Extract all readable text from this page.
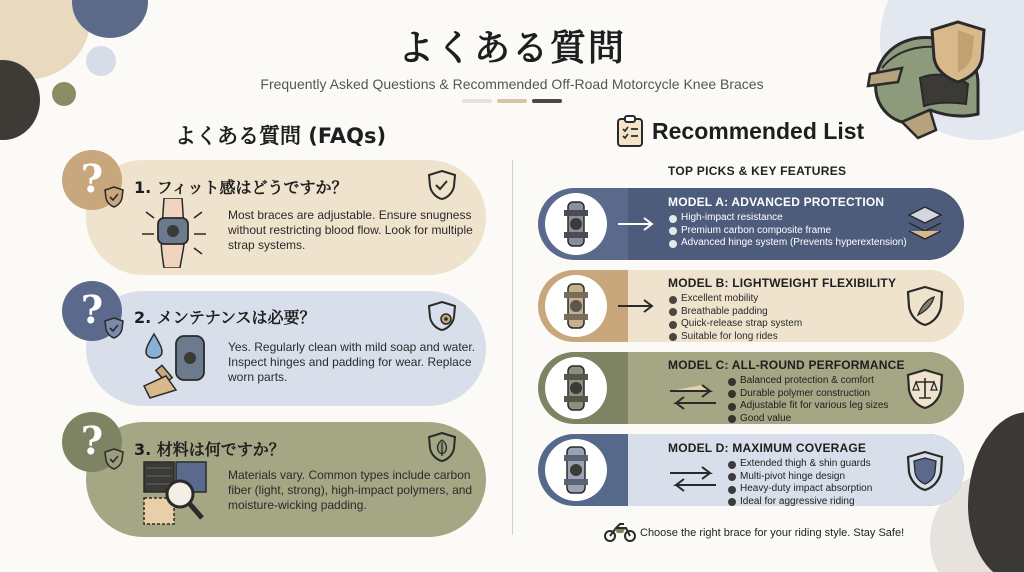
よくある質問
Frequently Asked Questions & Recommended Off-Road Motorcycle Knee Braces
よくある質問 (FAQs)	Recommended List
? 1. フィット感はどうですか？
Most braces are adjustable. Ensure snugness without restricting blood flow. Look for multiple strap systems.
? 2. メンテナンスは必要？
Yes. Regularly clean with mild soap and water. Inspect hinges and padding for wear. Replace worn parts.
? 3. 材料は何ですか？
Materials vary. Common types include carbon fiber (light, strong), high-impact polymers, and moisture-wicking padding.
TOP PICKS & KEY FEATURES
MODEL A: ADVANCED PROTECTION
High-impact resistance
Premium carbon composite frame
Advanced hinge system (Prevents hyperextension)
MODEL B: LIGHTWEIGHT FLEXIBILITY
Excellent mobility
Breathable padding
Quick-release strap system
Suitable for long rides
MODEL C: ALL-ROUND PERFORMANCE
Balanced protection & comfort
Durable polymer construction
Adjustable fit for various leg sizes
Good value
MODEL D: MAXIMUM COVERAGE
Extended thigh & shin guards
Multi-pivot hinge design
Heavy-duty impact absorption
Ideal for aggressive riding
Choose the right brace for your riding style. Stay Safe!
